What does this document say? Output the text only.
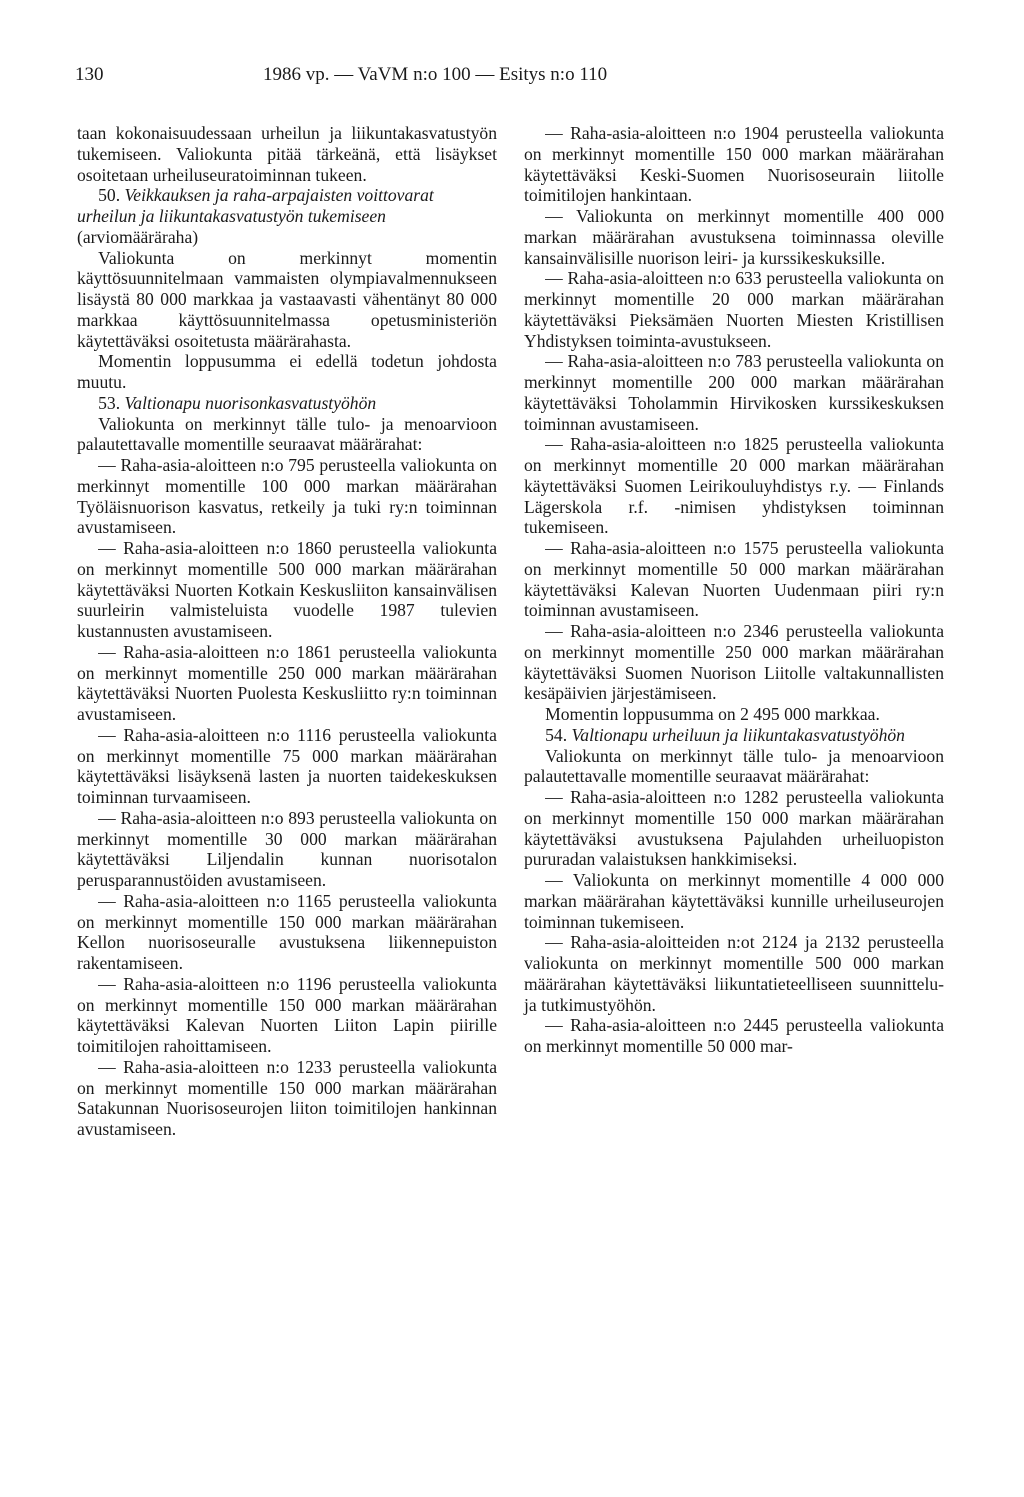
130	1986 vp. — VaVM n:o 100 — Esitys n:o 110

taan kokonaisuudessaan urheilun ja liikuntakasvatustyön tukemiseen. Valiokunta pitää tärkeänä, että lisäykset osoitetaan urheiluseuratoiminnan tukeen.

50. Veikkauksen ja raha-arpajaisten voittovarat urheilun ja liikuntakasvatustyön tukemiseen (arviomääräraha)

Valiokunta on merkinnyt momentin käyttösuunnitelmaan vammaisten olympiavalmennukseen lisäystä 80 000 markkaa ja vastaavasti vähentänyt 80 000 markkaa käyttösuunnitelmassa opetusministeriön käytettäväksi osoitetusta määrärahasta.

Momentin loppusumma ei edellä todetun johdosta muutu.

53. Valtionapu nuorisonkasvatustyöhön

Valiokunta on merkinnyt tälle tulo- ja menoarvioon palautettavalle momentille seuraavat määrärahat:

— Raha-asia-aloitteen n:o 795 perusteella valiokunta on merkinnyt momentille 100 000 markan määrärahan Työläisnuorison kasvatus, retkeily ja tuki ry:n toiminnan avustamiseen.

— Raha-asia-aloitteen n:o 1860 perusteella valiokunta on merkinnyt momentille 500 000 markan määrärahan käytettäväksi Nuorten Kotkain Keskusliiton kansainvälisen suurleirin valmisteluista vuodelle 1987 tulevien kustannusten avustamiseen.

— Raha-asia-aloitteen n:o 1861 perusteella valiokunta on merkinnyt momentille 250 000 markan määrärahan käytettäväksi Nuorten Puolesta Keskusliitto ry:n toiminnan avustamiseen.

— Raha-asia-aloitteen n:o 1116 perusteella valiokunta on merkinnyt momentille 75 000 markan määrärahan käytettäväksi lisäyksenä lasten ja nuorten taidekeskuksen toiminnan turvaamiseen.

— Raha-asia-aloitteen n:o 893 perusteella valiokunta on merkinnyt momentille 30 000 markan määrärahan käytettäväksi Liljendalin kunnan nuorisotalon perusparannustöiden avustamiseen.

— Raha-asia-aloitteen n:o 1165 perusteella valiokunta on merkinnyt momentille 150 000 markan määrärahan Kellon nuorisoseuralle avustuksena liikennepuiston rakentamiseen.

— Raha-asia-aloitteen n:o 1196 perusteella valiokunta on merkinnyt momentille 150 000 markan määrärahan käytettäväksi Kalevan Nuorten Liiton Lapin piirille toimitilojen rahoittamiseen.

— Raha-asia-aloitteen n:o 1233 perusteella valiokunta on merkinnyt momentille 150 000 markan määrärahan Satakunnan Nuorisoseurojen liiton toimitilojen hankinnan avustamiseen.

— Raha-asia-aloitteen n:o 1904 perusteella valiokunta on merkinnyt momentille 150 000 markan määrärahan käytettäväksi Keski-Suomen Nuorisoseurain liitolle toimitilojen hankintaan.

— Valiokunta on merkinnyt momentille 400 000 markan määrärahan avustuksena toiminnassa oleville kansainvälisille nuorison leiri- ja kurssikeskuksille.

— Raha-asia-aloitteen n:o 633 perusteella valiokunta on merkinnyt momentille 20 000 markan määrärahan käytettäväksi Pieksämäen Nuorten Miesten Kristillisen Yhdistyksen toiminta-avustukseen.

— Raha-asia-aloitteen n:o 783 perusteella valiokunta on merkinnyt momentille 200 000 markan määrärahan käytettäväksi Toholammin Hirvikosken kurssikeskuksen toiminnan avustamiseen.

— Raha-asia-aloitteen n:o 1825 perusteella valiokunta on merkinnyt momentille 20 000 markan määrärahan käytettäväksi Suomen Leirikouluyhdistys r.y. — Finlands Lägerskola r.f. -nimisen yhdistyksen toiminnan tukemiseen.

— Raha-asia-aloitteen n:o 1575 perusteella valiokunta on merkinnyt momentille 50 000 markan määrärahan käytettäväksi Kalevan Nuorten Uudenmaan piiri ry:n toiminnan avustamiseen.

— Raha-asia-aloitteen n:o 2346 perusteella valiokunta on merkinnyt momentille 250 000 markan määrärahan käytettäväksi Suomen Nuorison Liitolle valtakunnallisten kesäpäivien järjestämiseen.

Momentin loppusumma on 2 495 000 markkaa.

54. Valtionapu urheiluun ja liikuntakasvatustyöhön

Valiokunta on merkinnyt tälle tulo- ja menoarvioon palautettavalle momentille seuraavat määrärahat:

— Raha-asia-aloitteen n:o 1282 perusteella valiokunta on merkinnyt momentille 150 000 markan määrärahan käytettäväksi avustuksena Pajulahden urheiluopiston pururadan valaistuksen hankkimiseksi.

— Valiokunta on merkinnyt momentille 4 000 000 markan määrärahan käytettäväksi kunnille urheiluseurojen toiminnan tukemiseen.

— Raha-asia-aloitteiden n:ot 2124 ja 2132 perusteella valiokunta on merkinnyt momentille 500 000 markan määrärahan käytettäväksi liikuntatieteelliseen suunnittelu- ja tutkimustyöhön.

— Raha-asia-aloitteen n:o 2445 perusteella valiokunta on merkinnyt momentille 50 000 mar-
